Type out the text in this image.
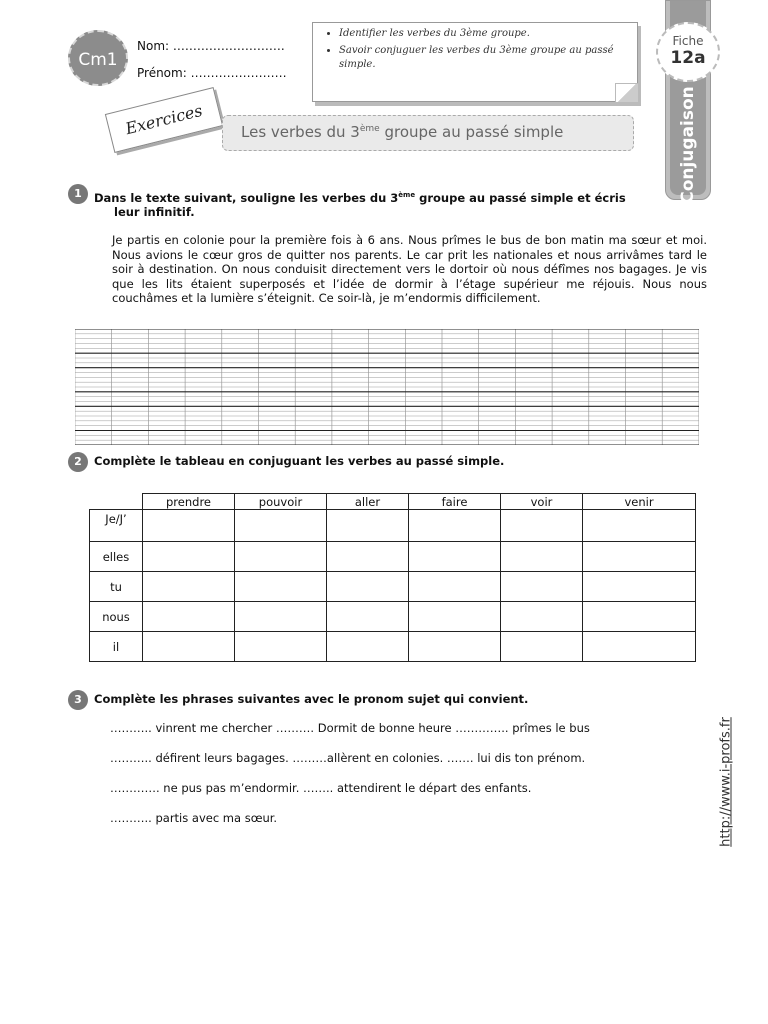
Cm1
Nom: ……………………….
Prénom: ……………………
• Identifier les verbes du 3ème groupe.
• Savoir conjuguer les verbes du 3ème groupe au passé simple.
Exercices	Les verbes du 3ème groupe au passé simple	Conjugaison
Fiche
12a
1	Dans le texte suivant, souligne les verbes du 3ème groupe au passé simple et écris
leur infinitif.
Je partis en colonie pour la première fois à 6 ans. Nous prîmes le bus de bon matin ma sœur et moi. Nous avions le cœur gros de quitter nos parents. Le car prit les nationales et nous arrivâmes tard le soir à destination. On nous conduisit directement vers le dortoir où nous défîmes nos bagages. Je vis que les lits étaient superposés et l’idée de dormir à l’étage supérieur me réjouis. Nous nous couchâmes et la lumière s’éteignit. Ce soir-là, je m’endormis difficilement.
2	Complète le tableau en conjuguant les verbes au passé simple.
	prendre	pouvoir	aller	faire	voir	venir
Je/J’						
elles						
tu						
nous						
il						
3	Complète les phrases suivantes avec le pronom sujet qui convient.
……….. vinrent me chercher ………. Dormit de bonne heure ………….. prîmes le bus
……….. défirent leurs bagages. ………allèrent en colonies. ……. lui dis ton prénom.
…………. ne pus pas m’endormir. …….. attendirent le départ des enfants.
……….. partis avec ma sœur.	http://www.i-profs.fr
